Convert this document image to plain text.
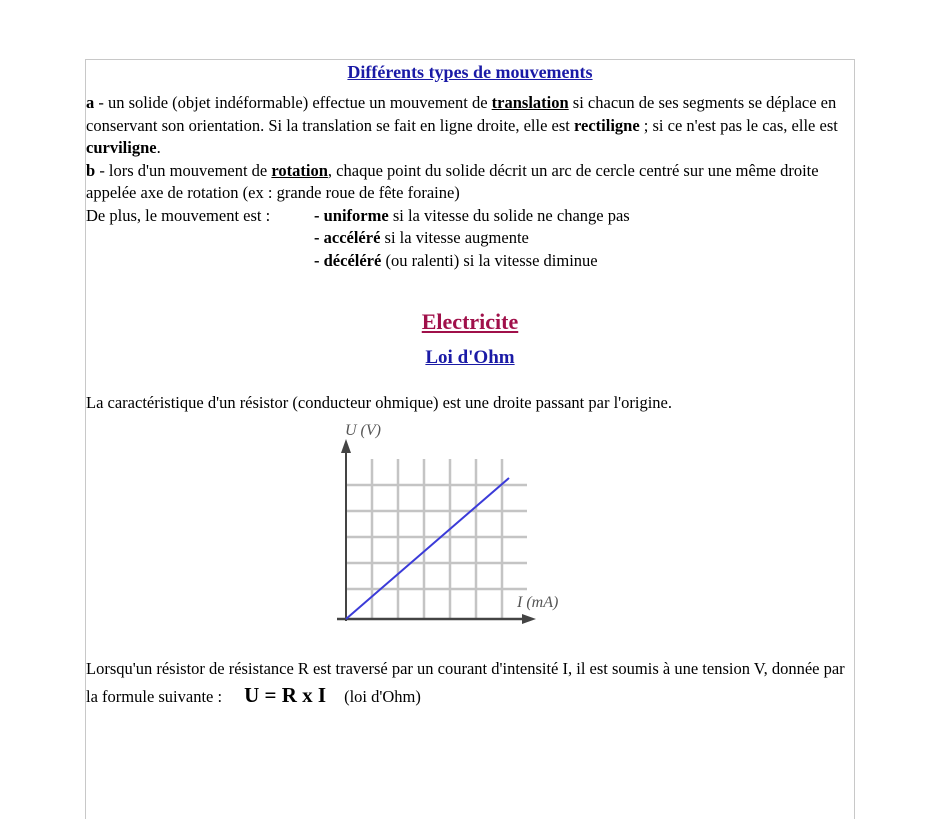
Différents types de mouvements

a - un solide (objet indéformable) effectue un mouvement de translation si chacun de ses segments se déplace en conservant son orientation. Si la translation se fait en ligne droite, elle est rectiligne ; si ce n'est pas le cas, elle est curviligne.

b - lors d'un mouvement de rotation, chaque point du solide décrit un arc de cercle centré sur une même droite appelée axe de rotation (ex : grande roue de fête foraine)

De plus, le mouvement est :	- uniforme si la vitesse du solide ne change pas
- accéléré si la vitesse augmente
- décéléré (ou ralenti) si la vitesse diminue
Electricite
Loi d'Ohm

La caractéristique d'un résistor (conducteur ohmique) est une droite passant par l'origine.

U (V)
I (mA)

Lorsqu'un résistor de résistance R est traversé par un courant d'intensité I, il est soumis à une tension V, donnée par la formule suivante : U = R x I (loi d'Ohm)
